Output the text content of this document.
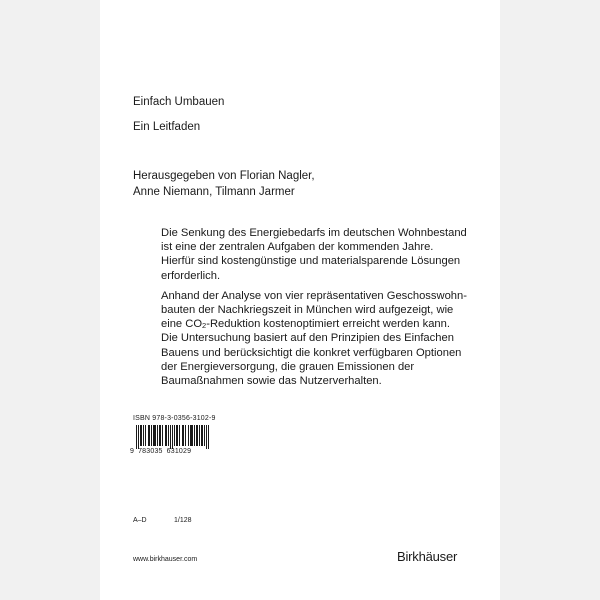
Einfach Umbauen

Ein Leitfaden

Herausgegeben von Florian Nagler,
Anne Niemann, Tilmann Jarmer

Die Senkung des Energiebedarfs im deutschen Wohnbestand
ist eine der zentralen Aufgaben der kommenden Jahre.
Hierfür sind kostengünstige und materialsparende Lösungen
erforderlich.

Anhand der Analyse von vier repräsentativen Geschosswohn-
bauten der Nachkriegszeit in München wird aufgezeigt, wie
eine $CO_2$-Reduktion kostenoptimiert erreicht werden kann.
Die Untersuchung basiert auf den Prinzipien des Einfachen
Bauens und berücksichtigt die konkret verfügbaren Optionen
der Energieversorgung, die grauen Emissionen der
Baumaßnahmen sowie das Nutzerverhalten.

ISBN 978-3-0356-3102-9

9 783035 631029

A–D	1/128

www.birkhauser.com	Birkhäuser
